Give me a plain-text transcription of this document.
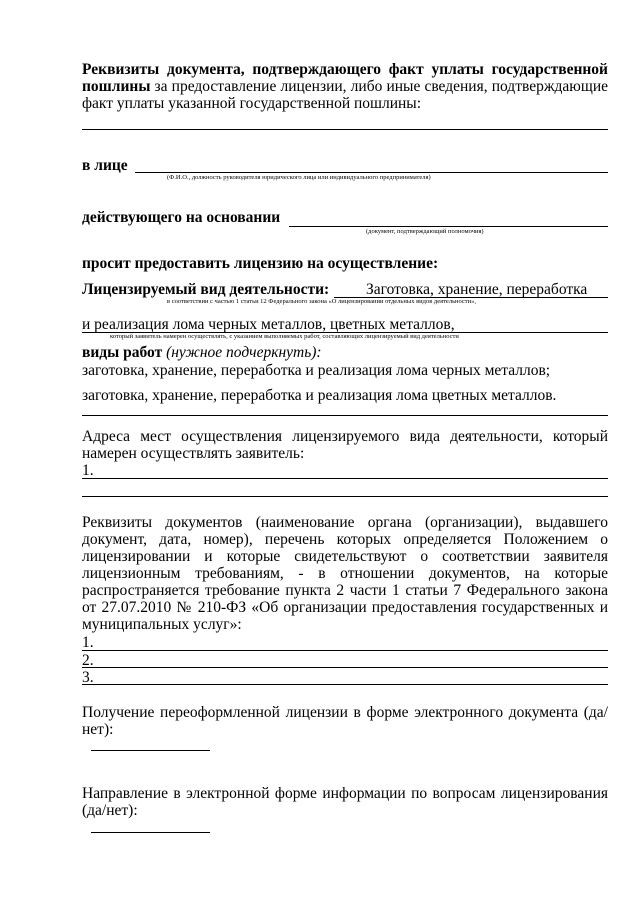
Реквизиты документа, подтверждающего факт уплаты государственной пошлины за предоставление лицензии, либо иные сведения, подтверждающие факт уплаты указанной государственной пошлины:
в лице
(Ф.И.О., должность руководителя юридического лица или индивидуального предпринимателя)
действующего на основании
(документ, подтверждающий полномочия)
просит предоставить лицензию на осуществление:
Лицензируемый вид деятельности: Заготовка, хранение, переработка
в соответствии с частью 1 статьи 12 Федерального закона «О лицензировании отдельных видов деятельности»,
и реализация лома черных металлов, цветных металлов,
который заявитель намерен осуществлять, с указанием выполняемых работ, составляющих лицензируемый вид деятельности
виды работ (нужное подчеркнуть):
заготовка, хранение, переработка и реализация лома черных металлов;
заготовка, хранение, переработка и реализация лома цветных металлов.
Адреса мест осуществления лицензируемого вида деятельности, который намерен осуществлять заявитель:
1.
Реквизиты документов (наименование органа (организации), выдавшего документ, дата, номер), перечень которых определяется Положением о лицензировании и которые свидетельствуют о соответствии заявителя лицензионным требованиям, - в отношении документов, на которые распространяется требование пункта 2 части 1 статьи 7 Федерального закона от 27.07.2010 № 210-ФЗ «Об организации предоставления государственных и муниципальных услуг»:
1.
2.
3.
Получение переоформленной лицензии в форме электронного документа (да/нет):
Направление в электронной форме информации по вопросам лицензирования (да/нет):
